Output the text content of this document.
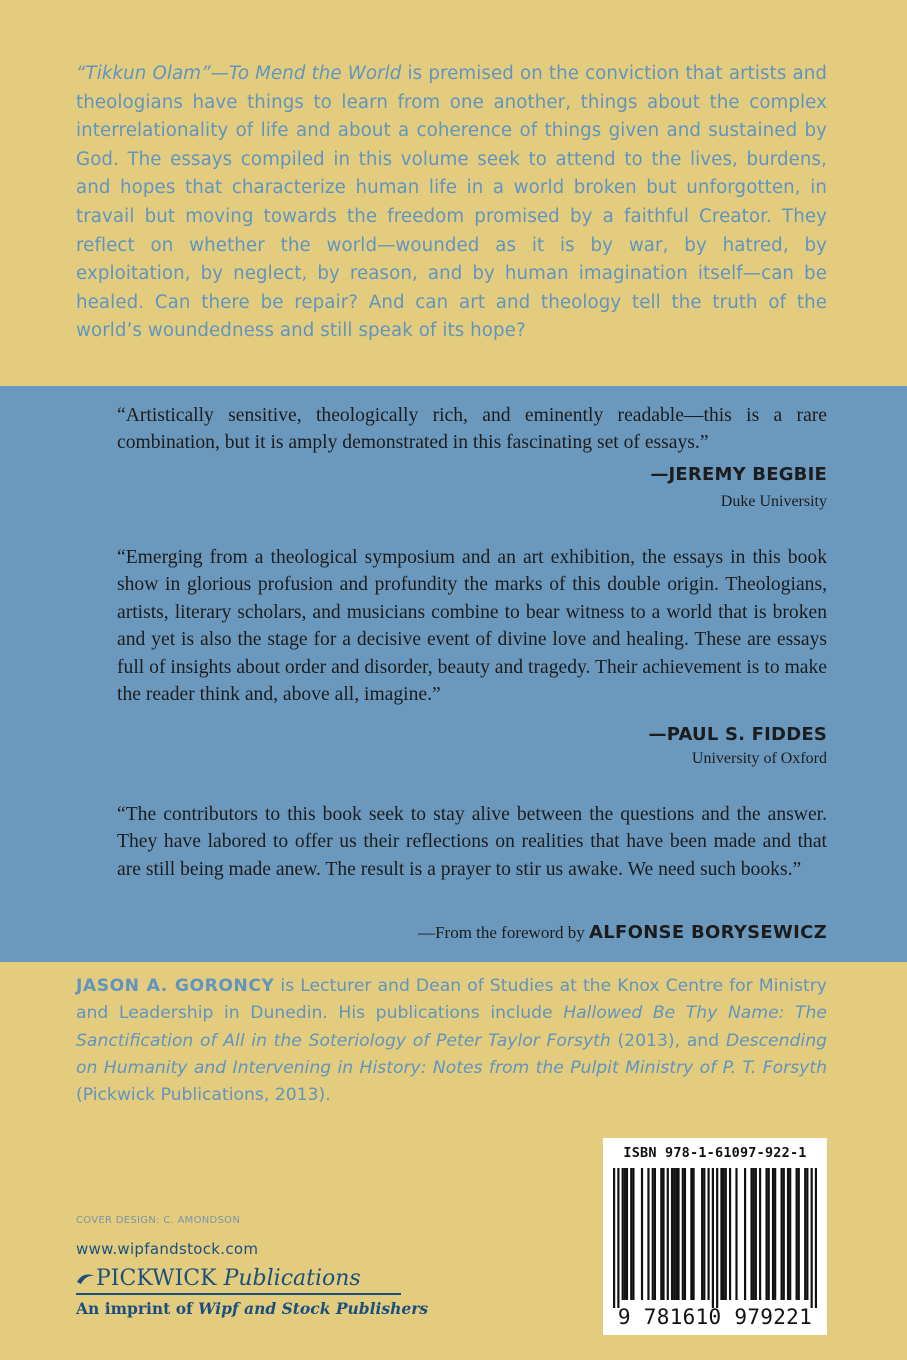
“Tikkun Olam”—To Mend the World is premised on the conviction that artists and theologians have things to learn from one another, things about the complex interrelationality of life and about a coherence of things given and sustained by God. The essays compiled in this volume seek to attend to the lives, burdens, and hopes that characterize human life in a world broken but unforgotten, in travail but moving towards the freedom promised by a faithful Creator. They reflect on whether the world—wounded as it is by war, by hatred, by exploitation, by neglect, by reason, and by human imagination itself—can be healed. Can there be repair? And can art and theology tell the truth of the world’s woundedness and still speak of its hope?
“Artistically sensitive, theologically rich, and eminently readable—this is a rare combination, but it is amply demonstrated in this fascinating set of essays.”
—JEREMY BEGBIE
Duke University
“Emerging from a theological symposium and an art exhibition, the essays in this book show in glorious profusion and profundity the marks of this double origin. Theologians, artists, literary scholars, and musicians combine to bear witness to a world that is broken and yet is also the stage for a decisive event of divine love and healing. These are essays full of insights about order and disorder, beauty and tragedy. Their achievement is to make the reader think and, above all, imagine.”
—PAUL S. FIDDES
University of Oxford
“The contributors to this book seek to stay alive between the questions and the answer. They have labored to offer us their reflections on realities that have been made and that are still being made anew. The result is a prayer to stir us awake. We need such books.”
—From the foreword by ALFONSE BORYSEWICZ
JASON A. GORONCY is Lecturer and Dean of Studies at the Knox Centre for Ministry and Leadership in Dunedin. His publications include Hallowed Be Thy Name: The Sanctification of All in the Soteriology of Peter Taylor Forsyth (2013), and Descending on Humanity and Intervening in History: Notes from the Pulpit Ministry of P. T. Forsyth (Pickwick Publications, 2013).
COVER DESIGN: C. AMONDSON
www.wipfandstock.com
PICKWICK Publications
An imprint of Wipf and Stock Publishers
ISBN 978-1-61097-922-1
9 781610 979221
